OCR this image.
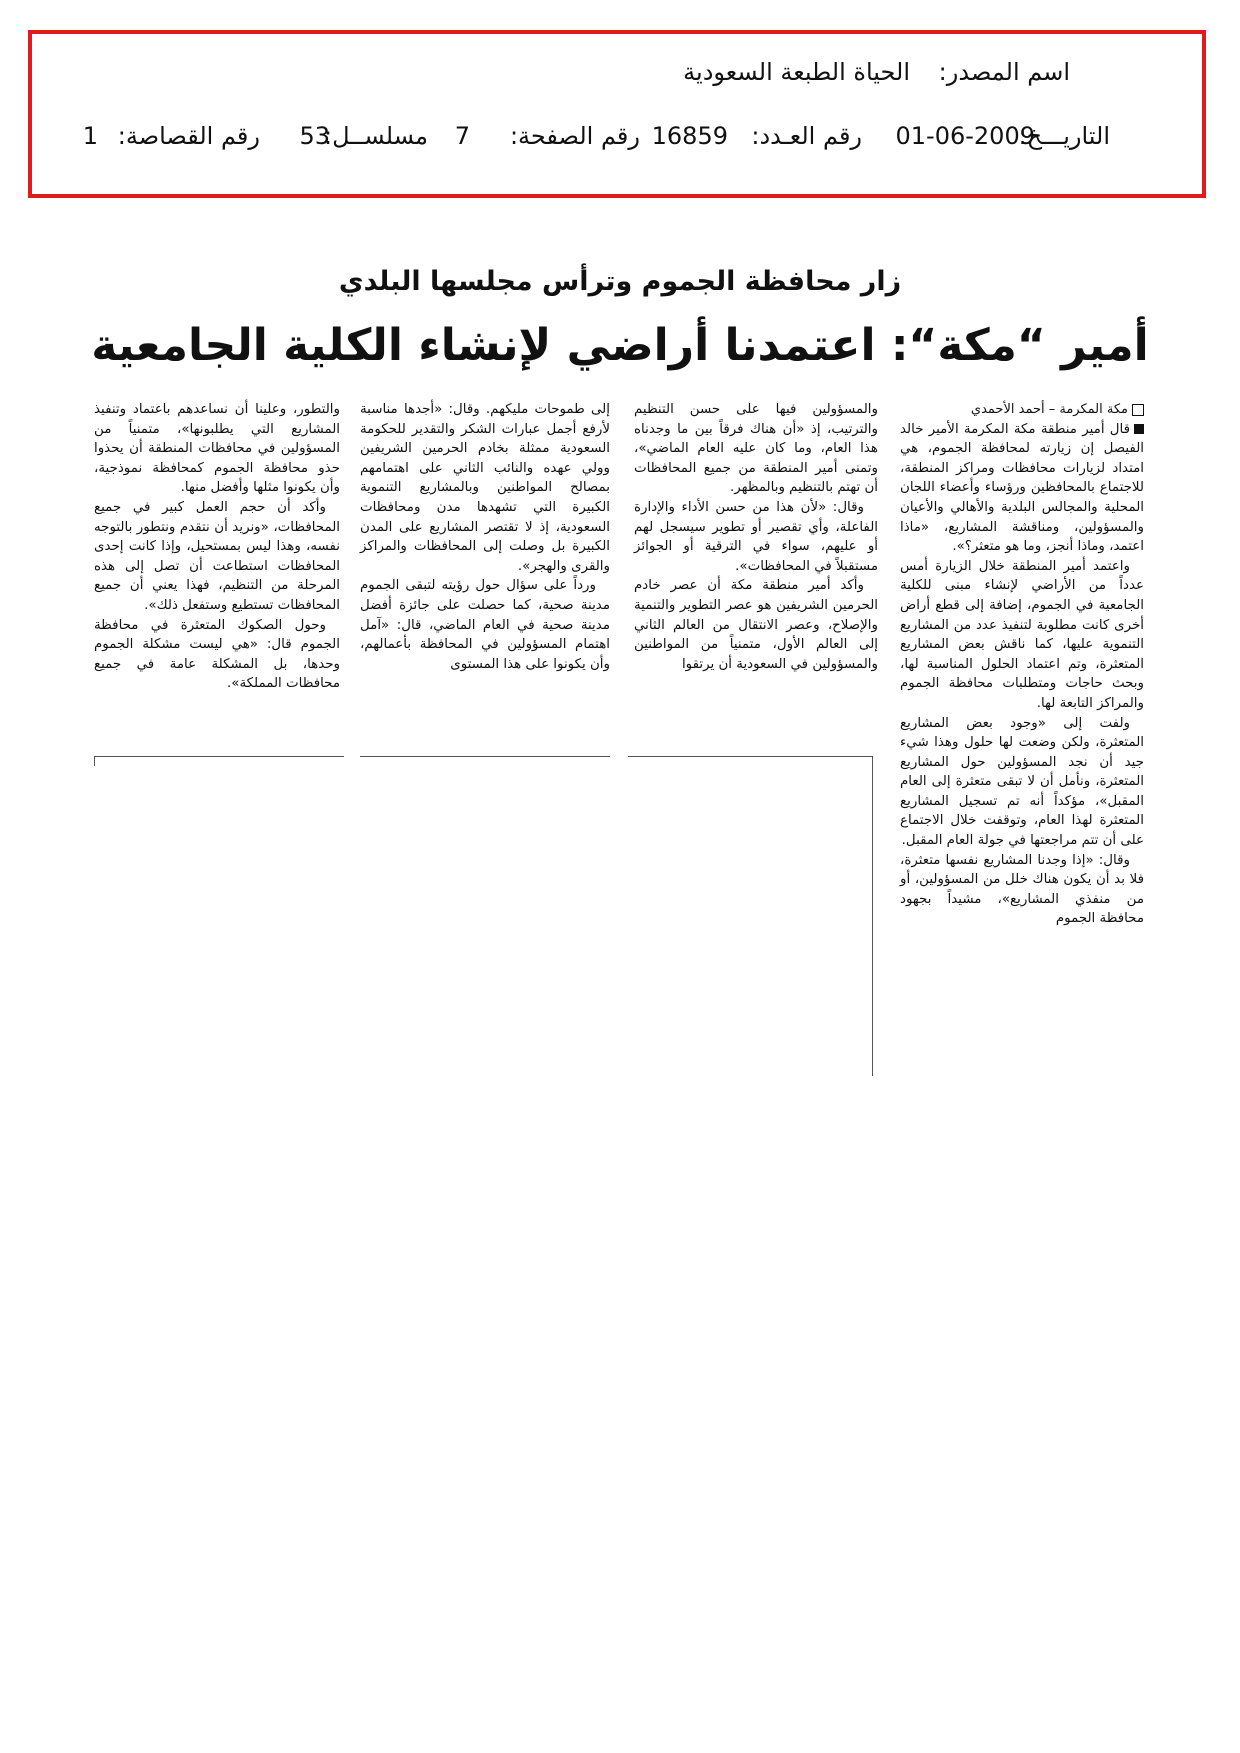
اسم المصدر:
الحياة الطبعة السعودية
التاريـــخ:
01-06-2009
رقم العـدد:
16859
رقم الصفحة:
7
مسلســل:
53
رقم القصاصة:
1
زار محافظة الجموم وترأس مجلسها البلدي
أمير “مكة“: اعتمدنا أراضي لإنشاء الكلية الجامعية

مكة المكرمة – أحمد الأحمدي

قال أمير منطقة مكة المكرمة الأمير خالد الفيصل إن زيارته لمحافظة الجموم، هي امتداد لزيارات محافظات ومراكز المنطقة، للاجتماع بالمحافظين ورؤساء وأعضاء اللجان المحلية والمجالس البلدية والأهالي والأعيان والمسؤولين، ومناقشة المشاريع، «ماذا اعتمد، وماذا أنجز، وما هو متعثر؟».

واعتمد أمير المنطقة خلال الزيارة أمس عدداً من الأراضي لإنشاء مبنى للكلية الجامعية في الجموم، إضافة إلى قطع أراض أخرى كانت مطلوبة لتنفيذ عدد من المشاريع التنموية عليها، كما ناقش بعض المشاريع المتعثرة، وتم اعتماد الحلول المناسبة لها، وبحث حاجات ومتطلبات محافظة الجموم والمراكز التابعة لها.

ولفت إلى «وجود بعض المشاريع المتعثرة، ولكن وضعت لها حلول وهذا شيء جيد أن نجد المسؤولين حول المشاريع المتعثرة، ونأمل أن لا تبقى متعثرة إلى العام المقبل»، مؤكداً أنه تم تسجيل المشاريع المتعثرة لهذا العام، وتوقفت خلال الاجتماع على أن تتم مراجعتها في جولة العام المقبل.

وقال: «إذا وجدنا المشاريع نفسها متعثرة، فلا بد أن يكون هناك خلل من المسؤولين، أو من منفذي المشاريع»، مشيداً بجهود محافظة الجموم

والمسؤولين فيها على حسن التنظيم والترتيب، إذ «أن هناك فرقاً بين ما وجدناه هذا العام، وما كان عليه العام الماضي»، وتمنى أمير المنطقة من جميع المحافظات أن تهتم بالتنظيم وبالمظهر.

وقال: «لأن هذا من حسن الأداء والإدارة الفاعلة، وأي تقصير أو تطوير سيسجل لهم أو عليهم، سواء في الترقية أو الجوائز مستقبلاً في المحافظات».

وأكد أمير منطقة مكة أن عصر خادم الحرمين الشريفين هو عصر التطوير والتنمية والإصلاح، وعصر الانتقال من العالم الثاني إلى العالم الأول، متمنياً من المواطنين والمسؤولين في السعودية أن يرتقوا

إلى طموحات مليكهم. وقال: «أجدها مناسبة لأرفع أجمل عبارات الشكر والتقدير للحكومة السعودية ممثلة بخادم الحرمين الشريفين وولي عهده والنائب الثاني على اهتمامهم بمصالح المواطنين وبالمشاريع التنموية الكبيرة التي تشهدها مدن ومحافظات السعودية، إذ لا تقتصر المشاريع على المدن الكبيرة بل وصلت إلى المحافظات والمراكز والقرى والهجر».

ورداً على سؤال حول رؤيته لتبقى الجموم مدينة صحية، كما حصلت على جائزة أفضل مدينة صحية في العام الماضي، قال: «آمل اهتمام المسؤولين في المحافظة بأعمالهم، وأن يكونوا على هذا المستوى

والتطور، وعلينا أن نساعدهم باعتماد وتنفيذ المشاريع التي يطلبونها»، متمنياً من المسؤولين في محافظات المنطقة أن يحذوا حذو محافظة الجموم كمحافظة نموذجية، وأن يكونوا مثلها وأفضل منها.

وأكد أن حجم العمل كبير في جميع المحافظات، «ونريد أن نتقدم ونتطور بالتوجه نفسه، وهذا ليس بمستحيل، وإذا كانت إحدى المحافظات استطاعت أن تصل إلى هذه المرحلة من التنظيم، فهذا يعني أن جميع المحافظات تستطيع وستفعل ذلك».

وحول الصكوك المتعثرة في محافظة الجموم قال: «هي ليست مشكلة الجموم وحدها، بل المشكلة عامة في جميع محافظات المملكة».
